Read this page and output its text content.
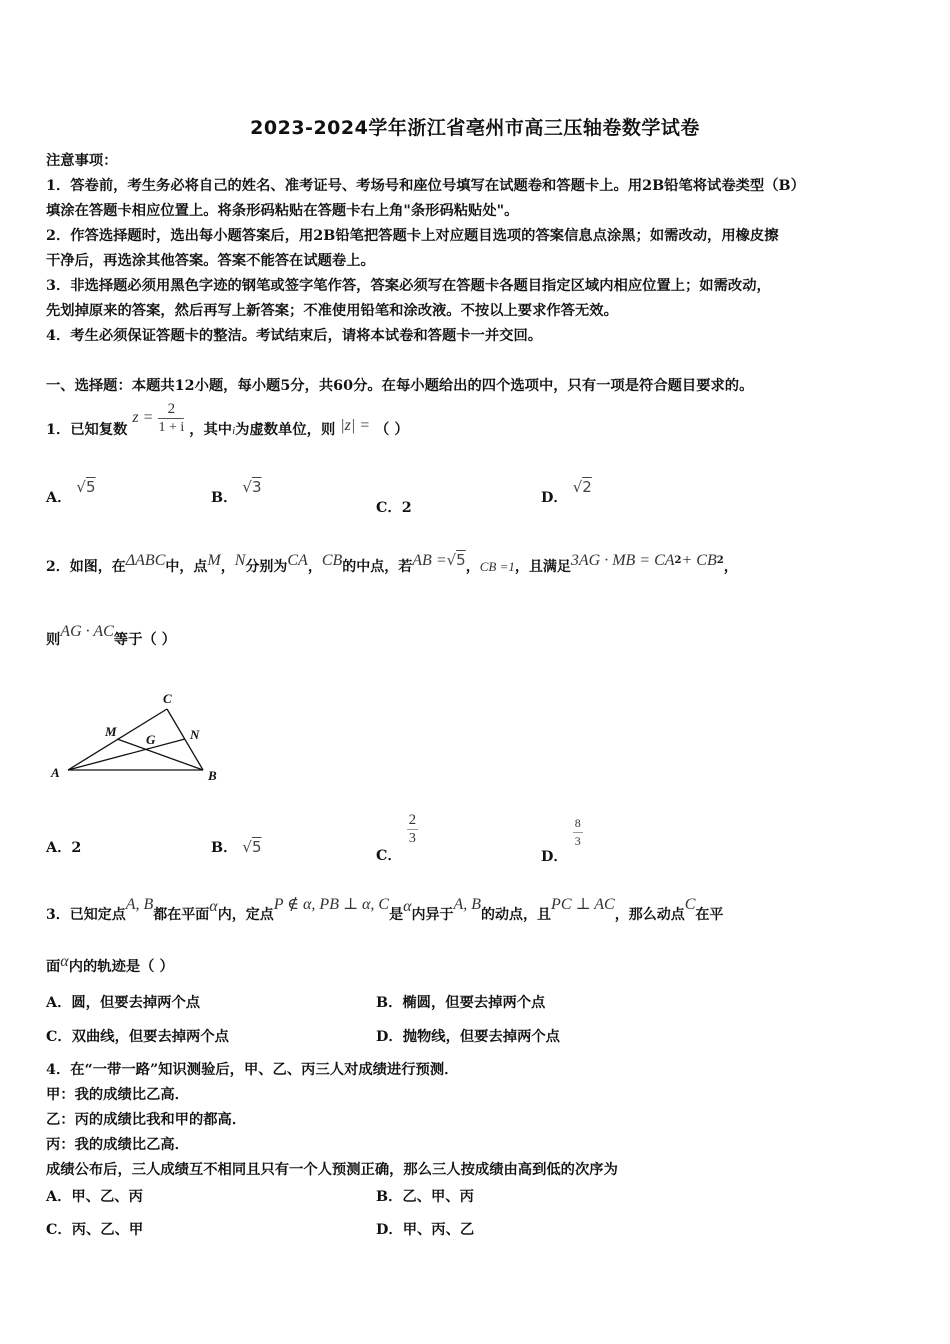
2023-2024学年浙江省亳州市高三压轴卷数学试卷
注意事项：
1．答卷前，考生务必将自己的姓名、准考证号、考场号和座位号填写在试题卷和答题卡上。用2B铅笔将试卷类型（B）
填涂在答题卡相应位置上。将条形码粘贴在答题卡右上角"条形码粘贴处"。
2．作答选择题时，选出每小题答案后，用2B铅笔把答题卡上对应题目选项的答案信息点涂黑；如需改动，用橡皮擦
干净后，再选涂其他答案。答案不能答在试题卷上。
3．非选择题必须用黑色字迹的钢笔或签字笔作答，答案必须写在答题卡各题目指定区域内相应位置上；如需改动，
先划掉原来的答案，然后再写上新答案；不准使用铅笔和涂改液。不按以上要求作答无效。
4．考生必须保证答题卡的整洁。考试结束后，请将本试卷和答题卡一并交回。
一、选择题：本题共12小题，每小题5分，共60分。在每小题给出的四个选项中，只有一项是符合题目要求的。
1．已知复数 $z = \frac{2}{1 + i}$ ，其中i为虚数单位，则 |z| = （ ）
A． √5
B． √3
C．2
D． √2
2．如图，在ΔABC中，点M，N分别为CA，CB的中点，若AB =√5，CB =1，且满足3AG · MB = $CA^2+ CB^2$，
则AG · AC等于（ ）
A	B
C
M	N
G
A．2	B． √5	C．
$\frac{2}{3}$
D．
$\frac{8}{3}$
3．已知定点A, B都在平面α内，定点P ∉ α, PB ⊥ α, C是α内异于A, B的动点，且PC ⊥ AC，那么动点C在平
面α内的轨迹是（ ）
A．圆，但要去掉两个点	B．椭圆，但要去掉两个点
C．双曲线，但要去掉两个点	D．抛物线，但要去掉两个点
4．在“一带一路”知识测验后，甲、乙、丙三人对成绩进行预测．
甲：我的成绩比乙高．
乙：丙的成绩比我和甲的都高．
丙：我的成绩比乙高．
成绩公布后，三人成绩互不相同且只有一个人预测正确，那么三人按成绩由高到低的次序为
A．甲、乙、丙	B．乙、甲、丙
C．丙、乙、甲	D．甲、丙、乙
